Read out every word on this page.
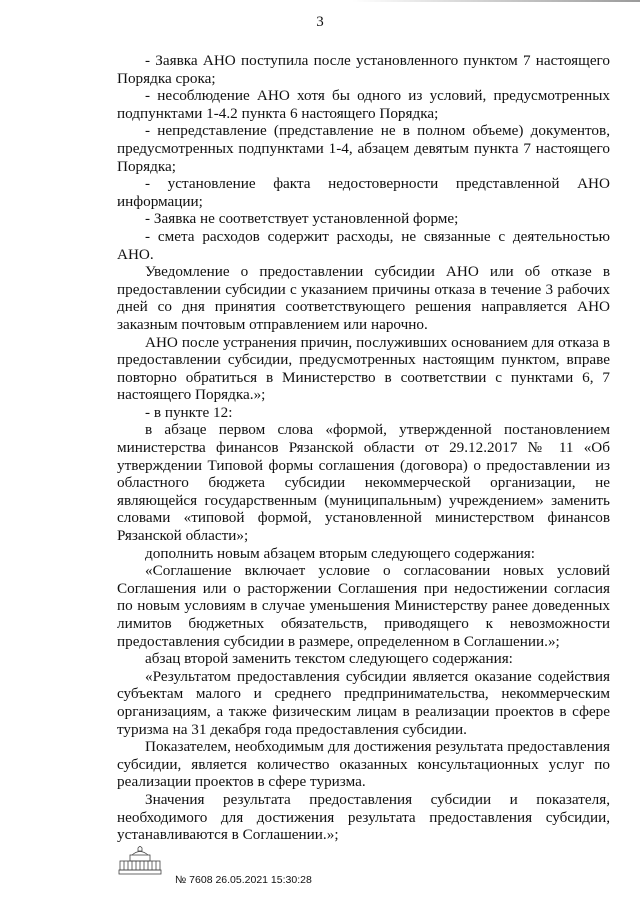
3

- Заявка АНО поступила после установленного пунктом 7 настоящего Порядка срока;

- несоблюдение АНО хотя бы одного из условий, предусмотренных подпунктами 1-4.2 пункта 6 настоящего Порядка;

- непредставление (представление не в полном объеме) документов, предусмотренных подпунктами 1-4, абзацем девятым пункта 7 настоящего Порядка;

- установление факта недостоверности представленной АНО информации;

- Заявка не соответствует установленной форме;

- смета расходов содержит расходы, не связанные с деятельностью АНО.

Уведомление о предоставлении субсидии АНО или об отказе в предоставлении субсидии с указанием причины отказа в течение 3 рабочих дней со дня принятия соответствующего решения направляется АНО заказным почтовым отправлением или нарочно.

АНО после устранения причин, послуживших основанием для отказа в предоставлении субсидии, предусмотренных настоящим пунктом, вправе повторно обратиться в Министерство в соответствии с пунктами 6, 7 настоящего Порядка.»;

- в пункте 12:

в абзаце первом слова «формой, утвержденной постановлением министерства финансов Рязанской области от 29.12.2017 № 11 «Об утверждении Типовой формы соглашения (договора) о предоставлении из областного бюджета субсидии некоммерческой организации, не являющейся государственным (муниципальным) учреждением» заменить словами «типовой формой, установленной министерством финансов Рязанской области»;

дополнить новым абзацем вторым следующего содержания:

«Соглашение включает условие о согласовании новых условий Соглашения или о расторжении Соглашения при недостижении согласия по новым условиям в случае уменьшения Министерству ранее доведенных лимитов бюджетных обязательств, приводящего к невозможности предоставления субсидии в размере, определенном в Соглашении.»;

абзац второй заменить текстом следующего содержания:

«Результатом предоставления субсидии является оказание содействия субъектам малого и среднего предпринимательства, некоммерческим организациям, а также физическим лицам в реализации проектов в сфере туризма на 31 декабря года предоставления субсидии.

Показателем, необходимым для достижения результата предоставления субсидии, является количество оказанных консультационных услуг по реализации проектов в сфере туризма.

Значения результата предоставления субсидии и показателя, необходимого для достижения результата предоставления субсидии, устанавливаются в Соглашении.»;

№ 7608 26.05.2021 15:30:28
